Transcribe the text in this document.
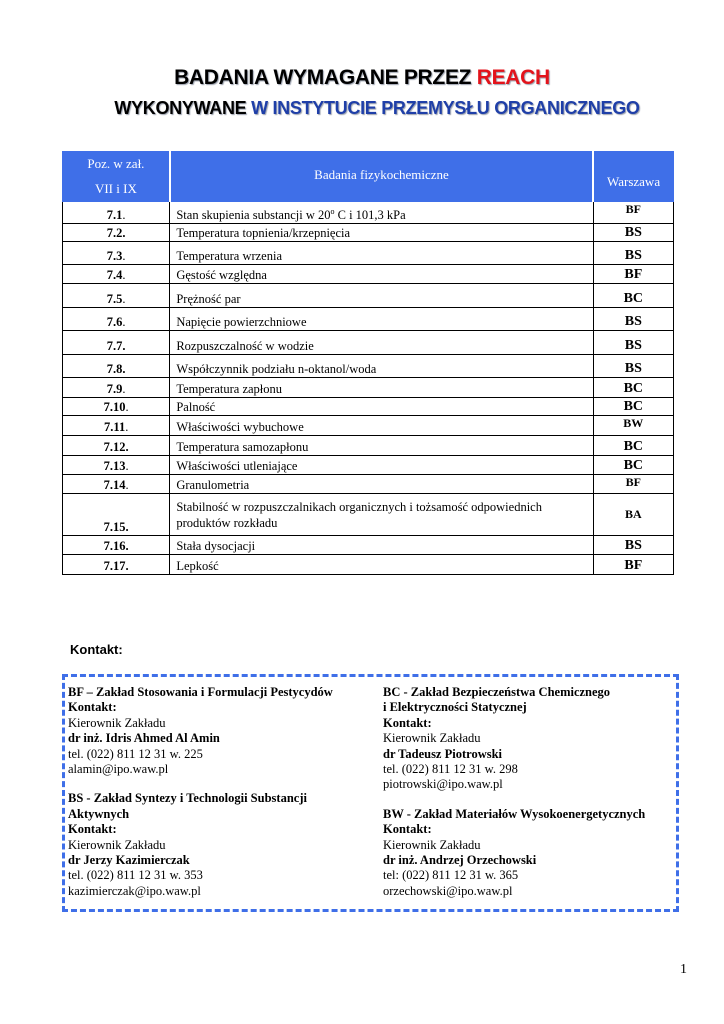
BADANIA WYMAGANE PRZEZ REACH
WYKONYWANE W INSTYTUCIE PRZEMYSŁU ORGANICZNEGO
Poz. w zał.
VII i IX	Badania fizykochemiczne	Warszawa
7.1.	Stan skupienia substancji w 20$^o$ C i 101,3 kPa	BF
7.2.	Temperatura topnienia/krzepnięcia	BS
7.3.	Temperatura wrzenia	BS
7.4.	Gęstość względna	BF
7.5.	Prężność par	BC
7.6.	Napięcie powierzchniowe	BS
7.7.	Rozpuszczalność w wodzie	BS
7.8.	Współczynnik podziału n-oktanol/woda	BS
7.9.	Temperatura zapłonu	BC
7.10.	Palność	BC
7.11.	Właściwości wybuchowe	BW
7.12.	Temperatura samozapłonu	BC
7.13.	Właściwości utleniające	BC
7.14.	Granulometria	BF
7.15.	Stabilność w rozpuszczalnikach organicznych i tożsamość odpowiednich produktów rozkładu	BA
7.16.	Stała dysocjacji	BS
7.17.	Lepkość	BF
Kontakt:
BF – Zakład Stosowania i Formulacji Pestycydów
Kontakt:
Kierownik Zakładu
dr inż. Idris Ahmed Al Amin
tel. (022) 811 12 31 w. 225
alamin@ipo.waw.pl
BS - Zakład Syntezy i Technologii Substancji
Aktywnych
Kontakt:
Kierownik Zakładu
dr Jerzy Kazimierczak
tel. (022) 811 12 31 w. 353
kazimierczak@ipo.waw.pl
BC - Zakład Bezpieczeństwa Chemicznego
i Elektryczności Statycznej
Kontakt:
Kierownik Zakładu
dr Tadeusz Piotrowski
tel. (022) 811 12 31 w. 298
piotrowski@ipo.waw.pl
BW - Zakład Materiałów Wysokoenergetycznych
Kontakt:
Kierownik Zakładu
dr inż. Andrzej Orzechowski
tel: (022) 811 12 31 w. 365
orzechowski@ipo.waw.pl
1
